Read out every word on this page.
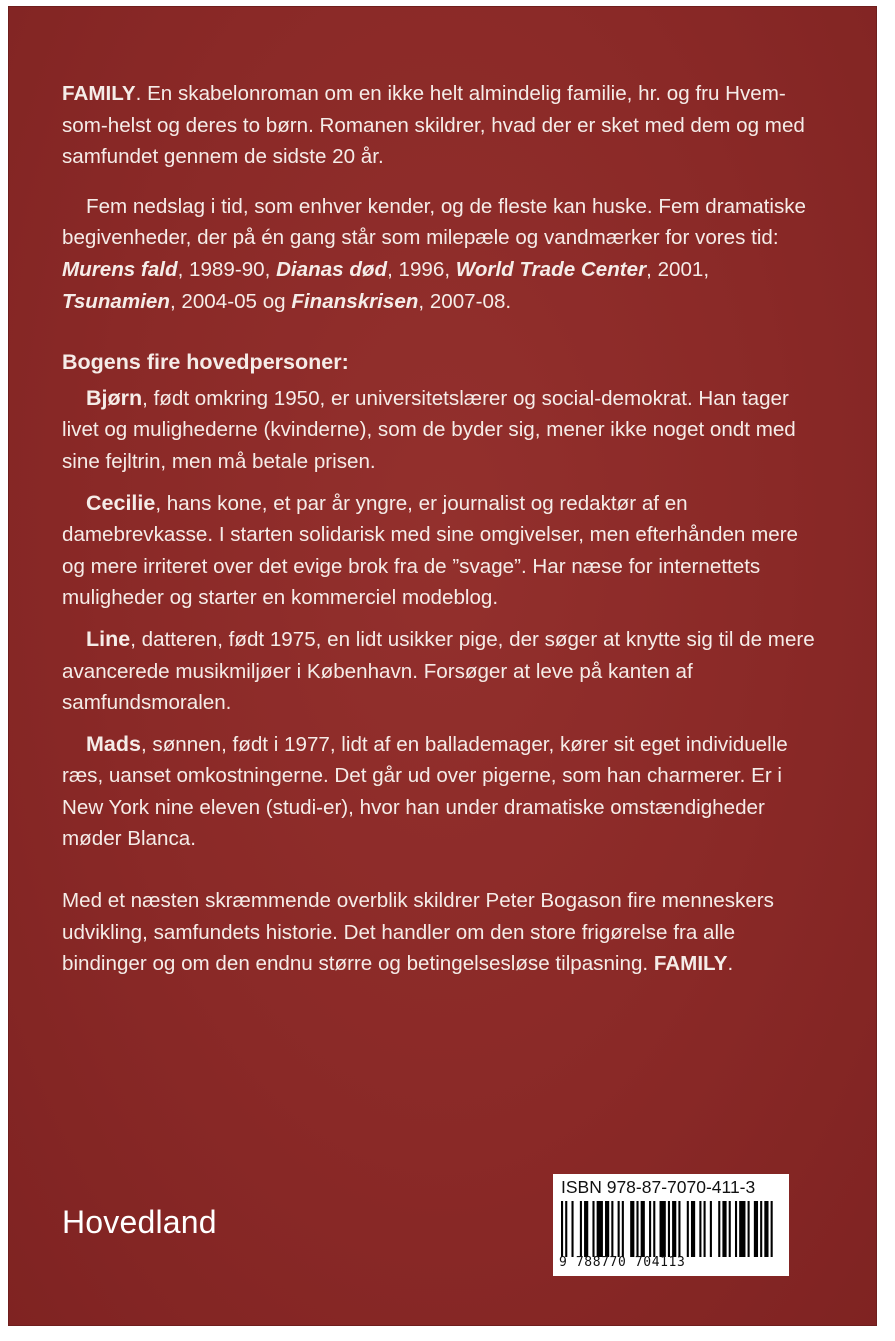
FAMILY. En skabelonroman om en ikke helt almindelig familie, hr. og fru Hvem-som-helst og deres to børn. Romanen skildrer, hvad der er sket med dem og med samfundet gennem de sidste 20 år.

Fem nedslag i tid, som enhver kender, og de fleste kan huske. Fem dramatiske begivenheder, der på én gang står som milepæle og vandmærker for vores tid: Murens fald, 1989-90, Dianas død, 1996, World Trade Center, 2001, Tsunamien, 2004-05 og Finanskrisen, 2007-08.

Bogens fire hovedpersoner:

Bjørn, født omkring 1950, er universitetslærer og social-demokrat. Han tager livet og mulighederne (kvinderne), som de byder sig, mener ikke noget ondt med sine fejltrin, men må betale prisen.

Cecilie, hans kone, et par år yngre, er journalist og redaktør af en damebrevkasse. I starten solidarisk med sine omgivelser, men efterhånden mere og mere irriteret over det evige brok fra de ”svage”. Har næse for internettets muligheder og starter en kommerciel modeblog.

Line, datteren, født 1975, en lidt usikker pige, der søger at knytte sig til de mere avancerede musikmiljøer i København. Forsøger at leve på kanten af samfundsmoralen.

Mads, sønnen, født i 1977, lidt af en ballademager, kører sit eget individuelle ræs, uanset omkostningerne. Det går ud over pigerne, som han charmerer. Er i New York nine eleven (studi-er), hvor han under dramatiske omstændigheder møder Blanca.

Med et næsten skræmmende overblik skildrer Peter Bogason fire menneskers udvikling, samfundets historie. Det handler om den store frigørelse fra alle bindinger og om den endnu større og betingelsesløse tilpasning. FAMILY.

Hovedland
ISBN 978-87-7070-411-3
9 788770 704113
